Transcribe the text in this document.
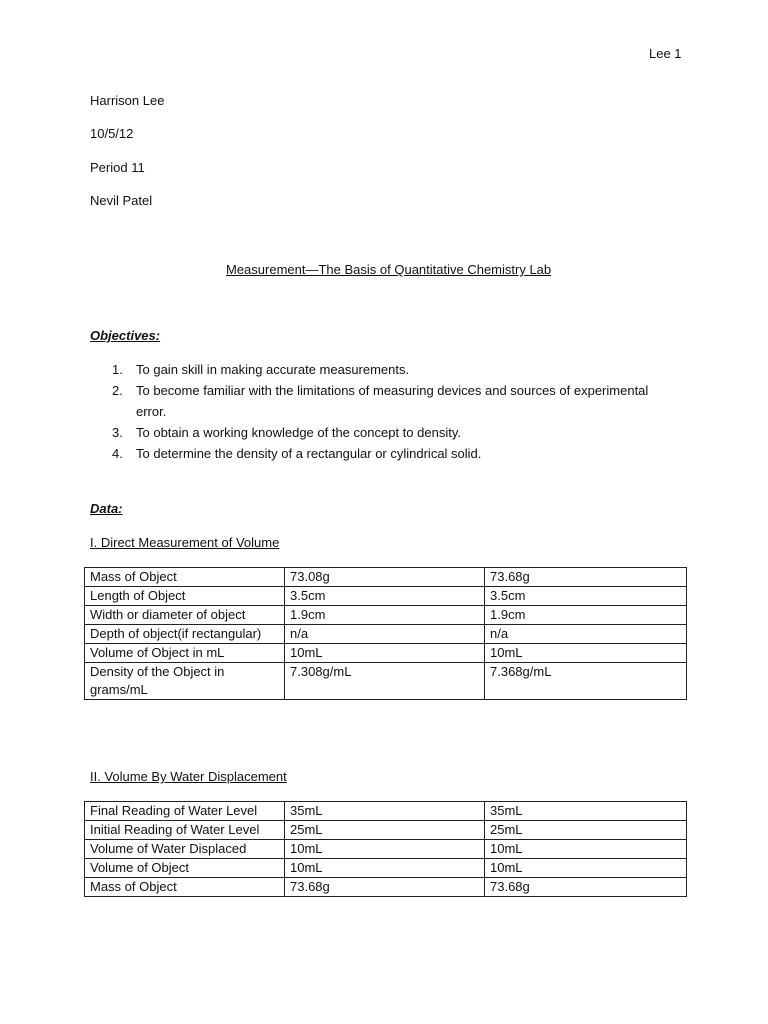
Lee 1

Harrison Lee

10/5/12

Period 11

Nevil Patel

Measurement—The Basis of Quantitative Chemistry Lab

Objectives:

1. To gain skill in making accurate measurements.
2. To become familiar with the limitations of measuring devices and sources of experimental error.
3. To obtain a working knowledge of the concept to density.
4. To determine the density of a rectangular or cylindrical solid.

Data:

I. Direct Measurement of Volume

Mass of Object	73.08g	73.68g
Length of Object	3.5cm	3.5cm
Width or diameter of object	1.9cm	1.9cm
Depth of object(if rectangular)	n/a	n/a
Volume of Object in mL	10mL	10mL
Density of the Object in grams/mL	7.308g/mL	7.368g/mL

II. Volume By Water Displacement

Final Reading of Water Level	35mL	35mL
Initial Reading of Water Level	25mL	25mL
Volume of Water Displaced	10mL	10mL
Volume of Object	10mL	10mL
Mass of Object	73.68g	73.68g
